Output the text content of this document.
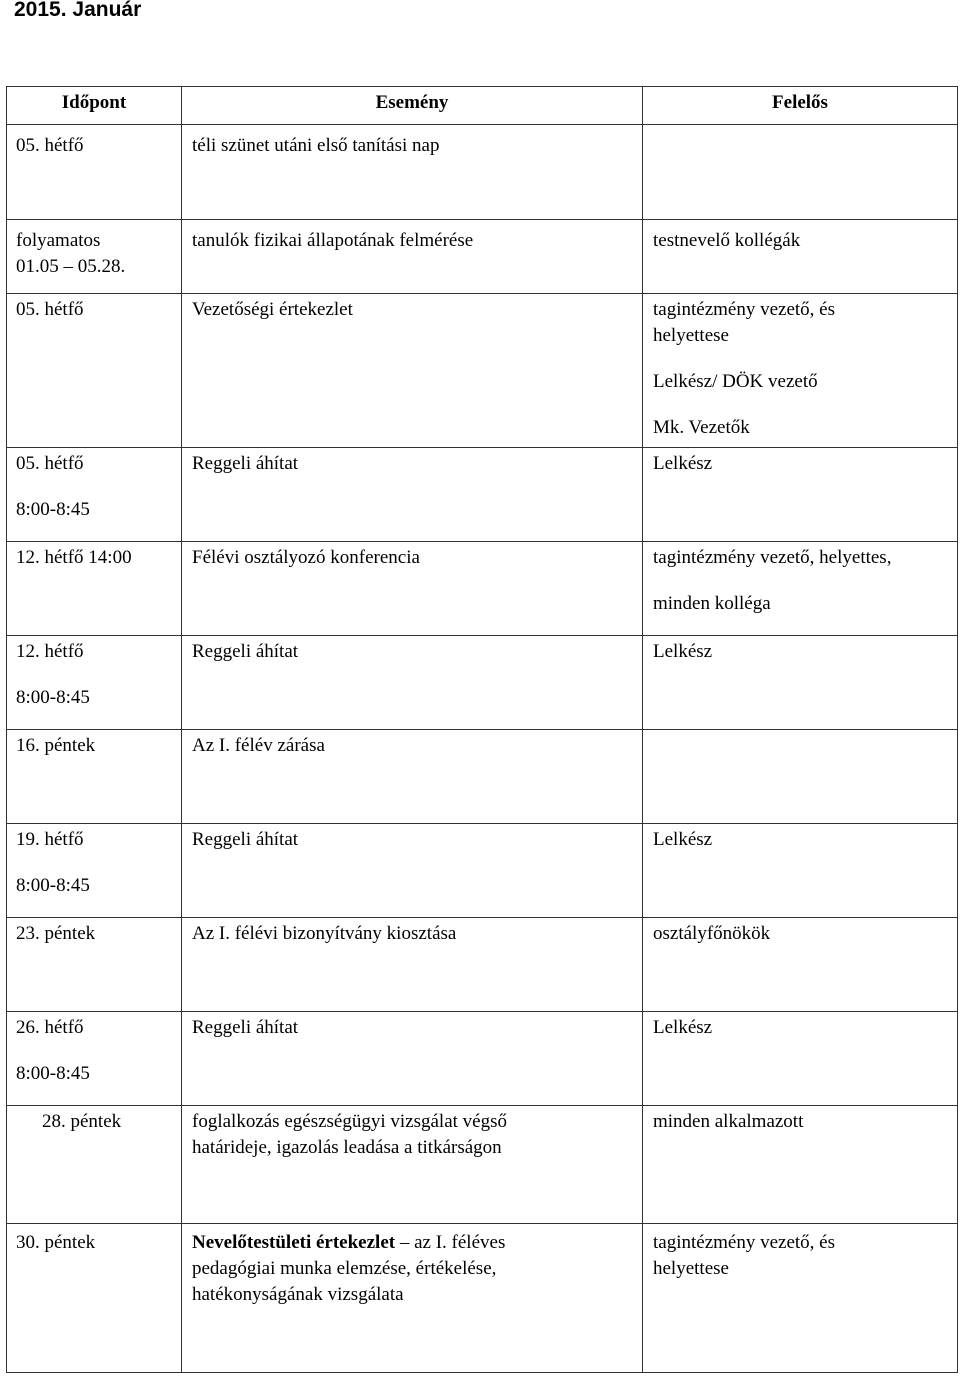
2015. Január
Időpont	Esemény	Felelős

05. hétfő	téli szünet utáni első tanítási nap	

folyamatos
01.05 – 05.28.	tanulók fizikai állapotának felmérése	testnevelő kollégák

05. hétfő	Vezetőségi értekezlet	tagintézmény vezető, és
helyettese
Lelkész/ DÖK vezető
Mk. Vezetők

05. hétfő
8:00-8:45	Reggeli áhítat	Lelkész

12. hétfő 14:00	Félévi osztályozó konferencia	tagintézmény vezető, helyettes,
minden kolléga

12. hétfő
8:00-8:45	Reggeli áhítat	Lelkész

16. péntek	Az I. félév zárása	

19. hétfő
8:00-8:45	Reggeli áhítat	Lelkész

23. péntek	Az I. félévi bizonyítvány kiosztása	osztályfőnökök

26. hétfő
8:00-8:45	Reggeli áhítat	Lelkész

28. péntek	foglalkozás egészségügyi vizsgálat végső
határideje, igazolás leadása a titkárságon	minden alkalmazott

30. péntek	Nevelőtestületi értekezlet – az I. féléves
pedagógiai munka elemzése, értékelése,
hatékonyságának vizsgálata	tagintézmény vezető, és
helyettese
